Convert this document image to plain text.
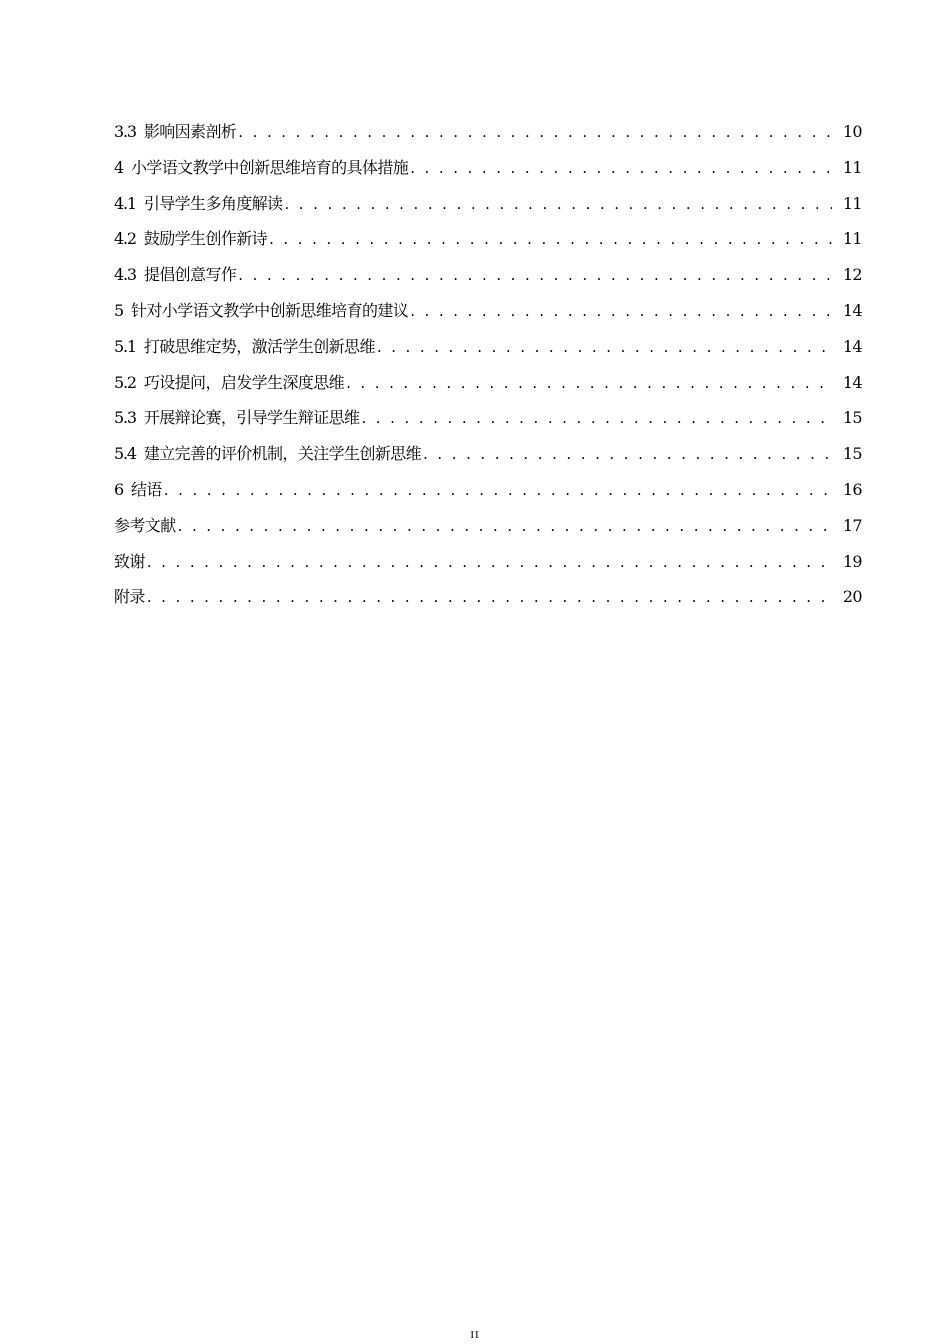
3.3 影响因素剖析 . . .	10
4 小学语文教学中创新思维培育的具体措施 . . .	11
4.1 引导学生多角度解读 . . .	11
4.2 鼓励学生创作新诗 . . .	11
4.3 提倡创意写作 . . .	12
5 针对小学语文教学中创新思维培育的建议 . . .	14
5.1 打破思维定势，激活学生创新思维 . . .	14
5.2 巧设提问，启发学生深度思维 . . .	14
5.3 开展辩论赛，引导学生辩证思维 . . .	15
5.4 建立完善的评价机制，关注学生创新思维 . . .	15
6 结语 . . .	16
参考文献 . . .	17
致谢 . . .	19
附录 . . .	20
II
